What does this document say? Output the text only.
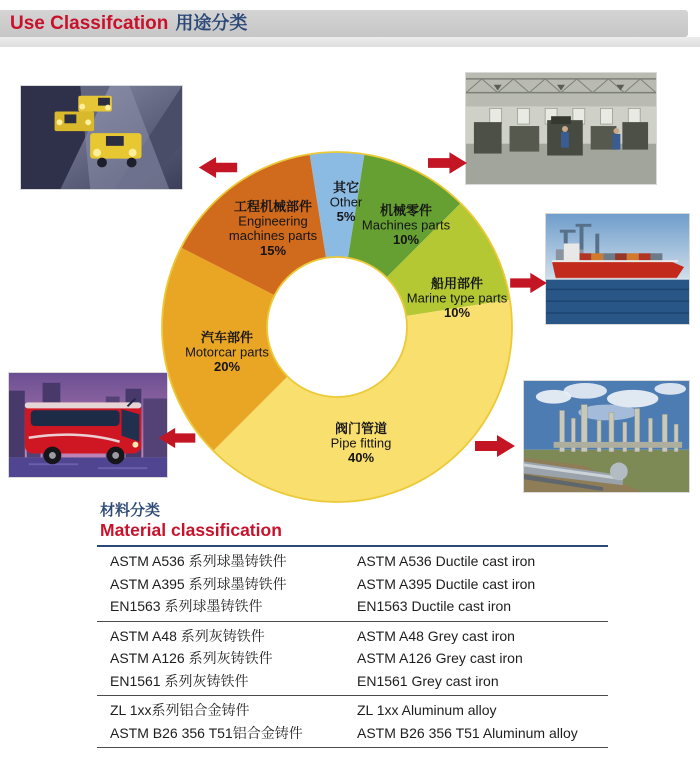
Use Classifcation 用途分类
其它 Other 5%	机械零件 Machines parts 10%
船用部件 Marine type parts 10%
阀门管道 Pipe fitting 40%
汽车部件 Motorcar parts 20%
工程机械部件 Engineering machines parts 15%
材料分类
Material classification
ASTM A536 系列球墨铸铁件	ASTM A536 Ductile cast iron
ASTM A395 系列球墨铸铁件	ASTM A395 Ductile cast iron
EN1563 系列球墨铸铁件	EN1563 Ductile cast iron
ASTM A48 系列灰铸铁件	ASTM A48 Grey cast iron
ASTM A126 系列灰铸铁件	ASTM A126 Grey cast iron
EN1561 系列灰铸铁件	EN1561 Grey cast iron
ZL 1xx系列铝合金铸件	ZL 1xx Aluminum alloy
ASTM B26 356 T51铝合金铸件	ASTM B26 356 T51 Aluminum alloy
